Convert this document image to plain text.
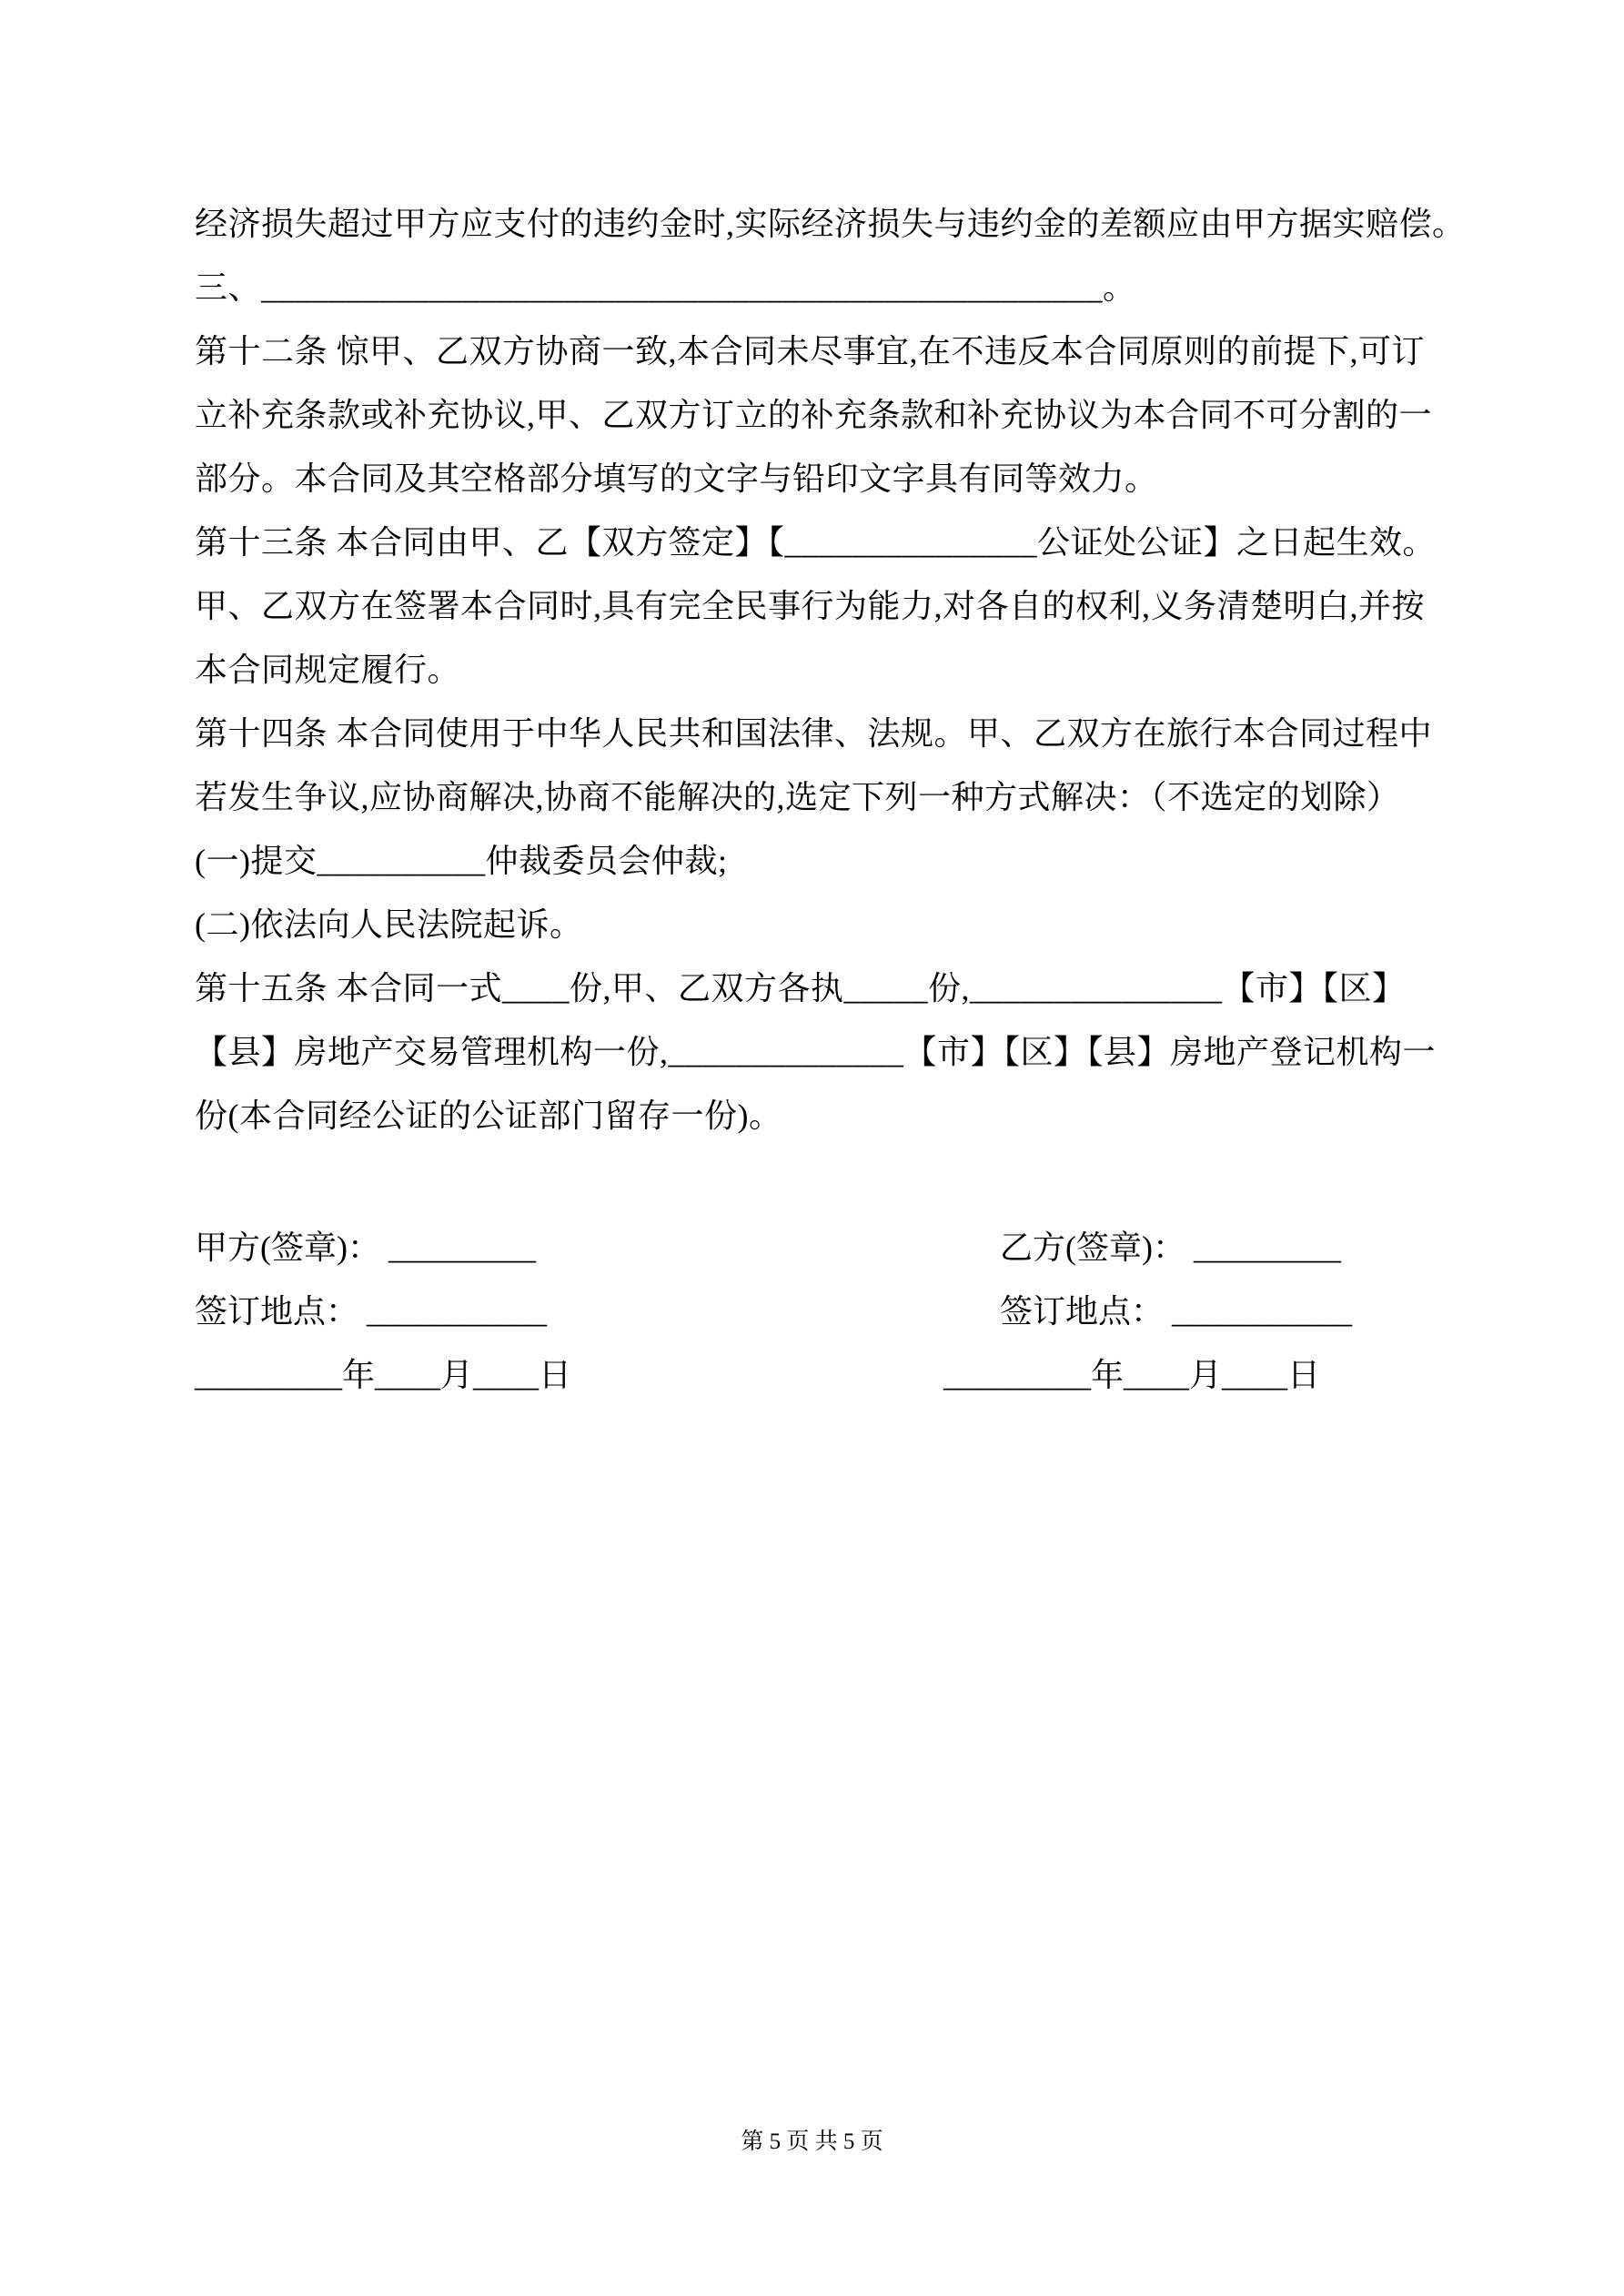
经济损失超过甲方应支付的违约金时,实际经济损失与违约金的差额应由甲方据实赔偿。
三、__________________________________________________。
第十二条 惊甲、乙双方协商一致,本合同未尽事宜,在不违反本合同原则的前提下,可订
立补充条款或补充协议,甲、乙双方订立的补充条款和补充协议为本合同不可分割的一
部分。本合同及其空格部分填写的文字与铅印文字具有同等效力。
第十三条 本合同由甲、乙【双方签定】【_______________公证处公证】之日起生效。
甲、乙双方在签署本合同时,具有完全民事行为能力,对各自的权利,义务清楚明白,并按
本合同规定履行。
第十四条 本合同使用于中华人民共和国法律、法规。甲、乙双方在旅行本合同过程中
若发生争议,应协商解决,协商不能解决的,选定下列一种方式解决：（不选定的划除）
(一)提交__________仲裁委员会仲裁;
(二)依法向人民法院起诉。
第十五条 本合同一式____份,甲、乙双方各执_____份,_______________【市】【区】
【县】房地产交易管理机构一份,______________【市】【区】【县】房地产登记机构一
份(本合同经公证的公证部门留存一份)。
甲方(签章)： _________	乙方(签章)： _________
签订地点： ___________	签订地点： ___________
_________年____月____日	_________年____月____日
第 5 页 共 5 页
